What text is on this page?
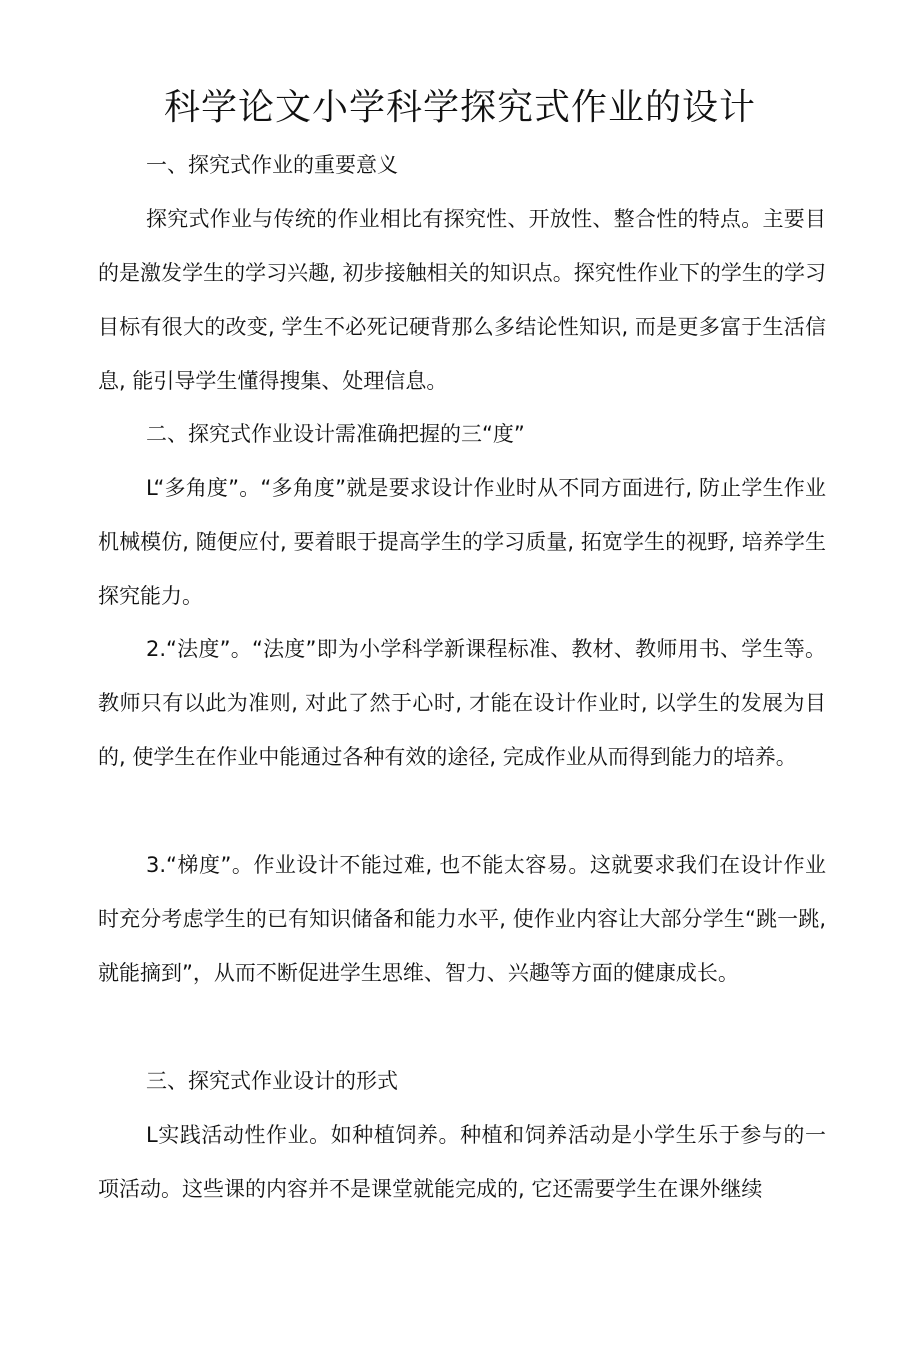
科学论文小学科学探究式作业的设计

一、探究式作业的重要意义

探究式作业与传统的作业相比有探究性、开放性、整合性的特点。主要目的是激发学生的学习兴趣, 初步接触相关的知识点。探究性作业下的学生的学习目标有很大的改变, 学生不必死记硬背那么多结论性知识, 而是更多富于生活信息, 能引导学生懂得搜集、处理信息。

二、探究式作业设计需准确把握的三“度”

L“多角度”。“多角度”就是要求设计作业时从不同方面进行, 防止学生作业机械模仿, 随便应付, 要着眼于提高学生的学习质量, 拓宽学生的视野, 培养学生探究能力。

2.“法度”。“法度”即为小学科学新课程标准、教材、教师用书、学生等。教师只有以此为准则, 对此了然于心时, 才能在设计作业时, 以学生的发展为目的, 使学生在作业中能通过各种有效的途径, 完成作业从而得到能力的培养。

3.“梯度”。作业设计不能过难, 也不能太容易。这就要求我们在设计作业时充分考虑学生的已有知识储备和能力水平, 使作业内容让大部分学生“跳一跳, 就能摘到”，从而不断促进学生思维、智力、兴趣等方面的健康成长。

三、探究式作业设计的形式

L实践活动性作业。如种植饲养。种植和饲养活动是小学生乐于参与的一项活动。这些课的内容并不是课堂就能完成的, 它还需要学生在课外继续
